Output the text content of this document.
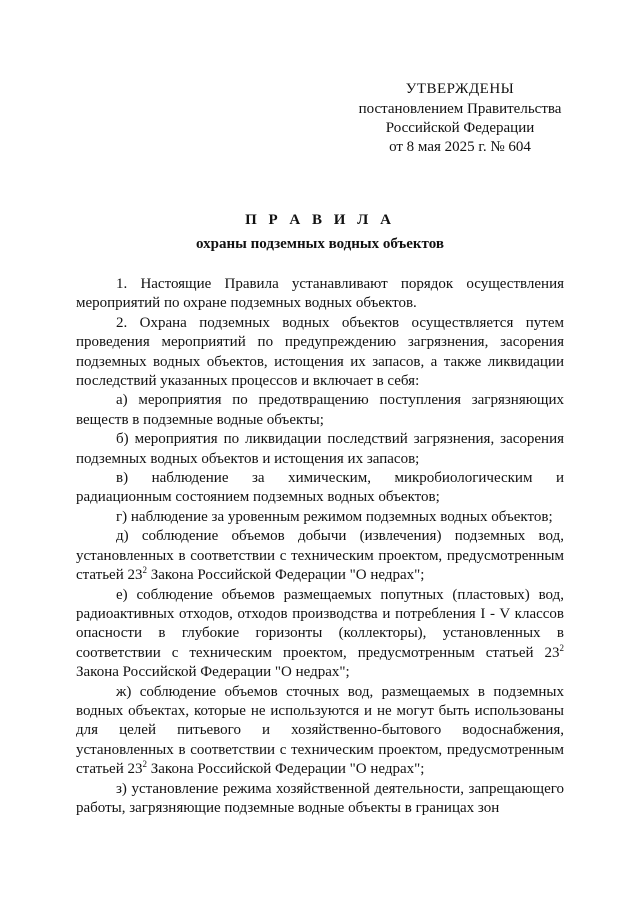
УТВЕРЖДЕНЫ
постановлением Правительства
Российской Федерации
от 8 мая 2025 г. № 604
П Р А В И Л А
охраны подземных водных объектов

1. Настоящие Правила устанавливают порядок осуществления мероприятий по охране подземных водных объектов.

2. Охрана подземных водных объектов осуществляется путем проведения мероприятий по предупреждению загрязнения, засорения подземных водных объектов, истощения их запасов, а также ликвидации последствий указанных процессов и включает в себя:

а) мероприятия по предотвращению поступления загрязняющих веществ в подземные водные объекты;

б) мероприятия по ликвидации последствий загрязнения, засорения подземных водных объектов и истощения их запасов;

в) наблюдение за химическим, микробиологическим и радиационным состоянием подземных водных объектов;

г) наблюдение за уровенным режимом подземных водных объектов;

д) соблюдение объемов добычи (извлечения) подземных вод, установленных в соответствии с техническим проектом, предусмотренным статьей $23^2$ Закона Российской Федерации "О недрах";

е) соблюдение объемов размещаемых попутных (пластовых) вод, радиоактивных отходов, отходов производства и потребления I - V классов опасности в глубокие горизонты (коллекторы), установленных в соответствии с техническим проектом, предусмотренным статьей $23^2$ Закона Российской Федерации "О недрах";

ж) соблюдение объемов сточных вод, размещаемых в подземных водных объектах, которые не используются и не могут быть использованы для целей питьевого и хозяйственно-бытового водоснабжения, установленных в соответствии с техническим проектом, предусмотренным статьей $23^2$ Закона Российской Федерации "О недрах";

з) установление режима хозяйственной деятельности, запрещающего работы, загрязняющие подземные водные объекты в границах зон
